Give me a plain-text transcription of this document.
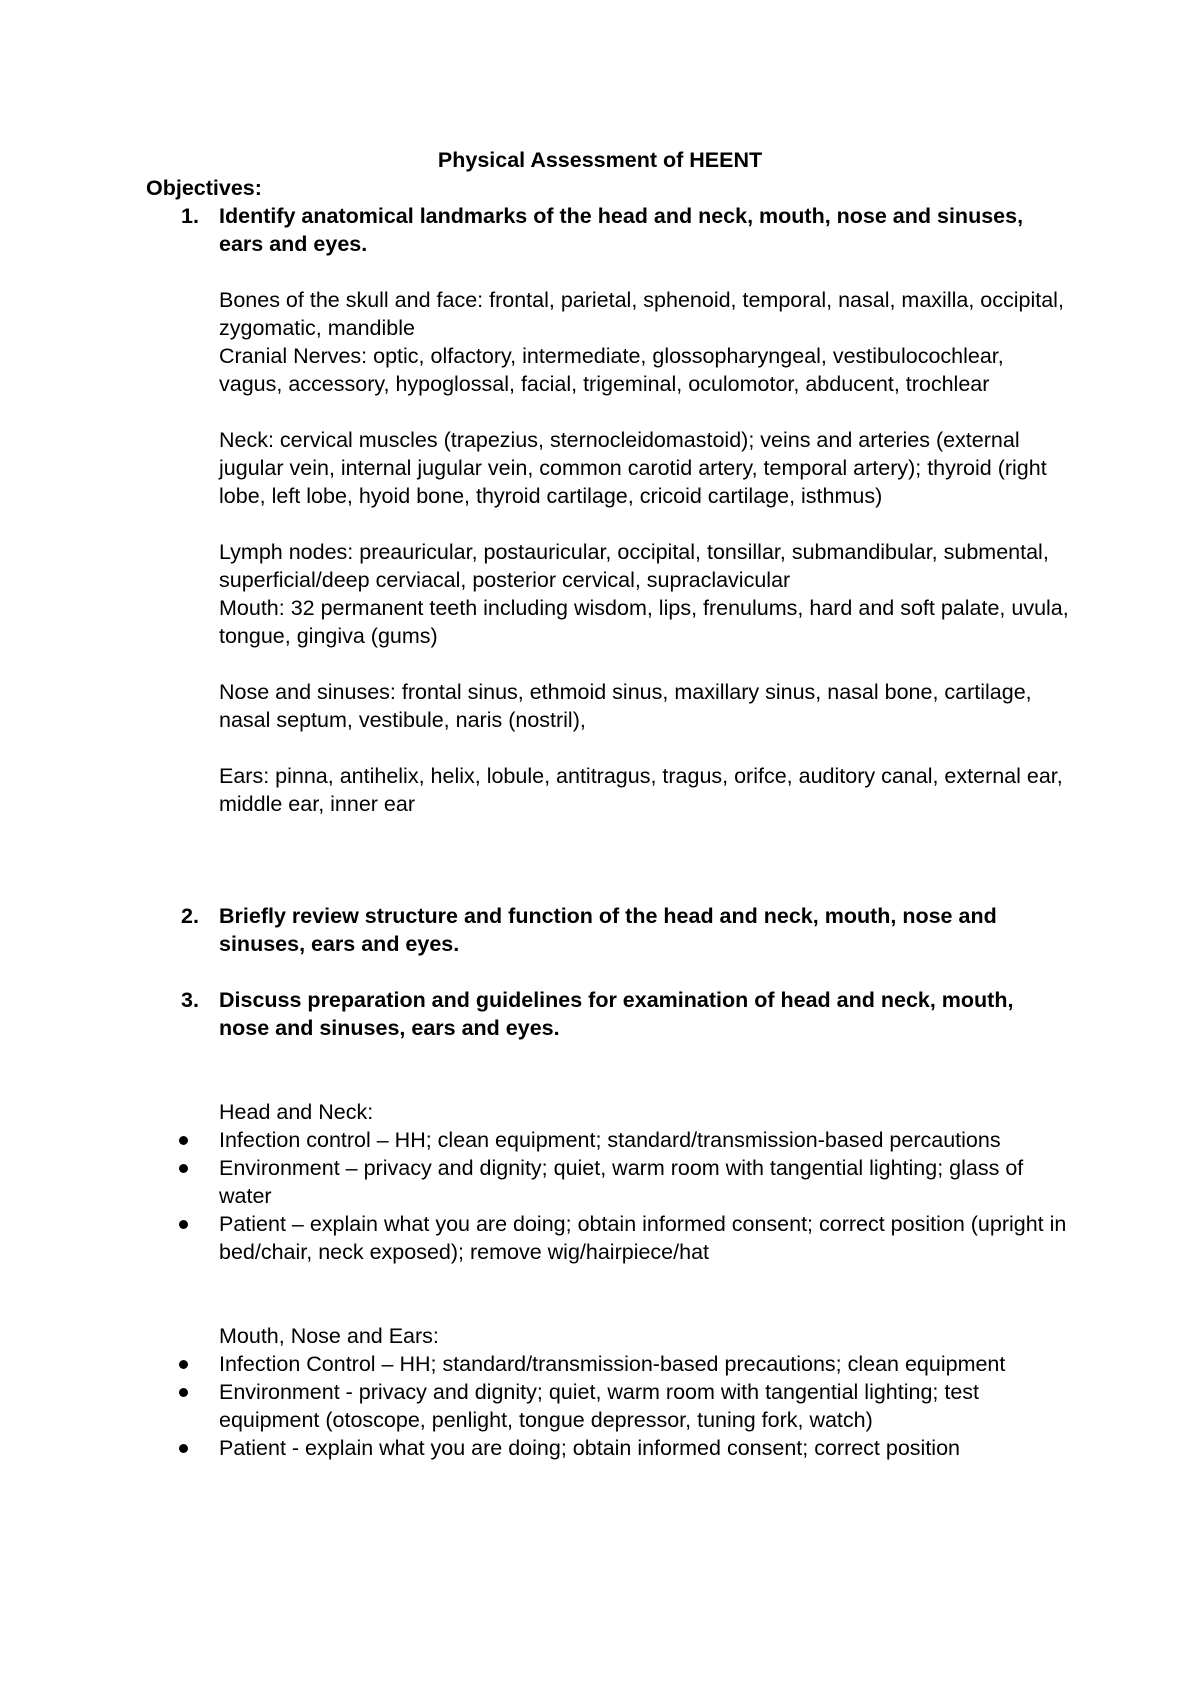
Physical Assessment of HEENT
Objectives:
1. Identify anatomical landmarks of the head and neck, mouth, nose and sinuses, ears and eyes.

Bones of the skull and face: frontal, parietal, sphenoid, temporal, nasal, maxilla, occipital, zygomatic, mandible

Cranial Nerves: optic, olfactory, intermediate, glossopharyngeal, vestibulocochlear, vagus, accessory, hypoglossal, facial, trigeminal, oculomotor, abducent, trochlear

Neck: cervical muscles (trapezius, sternocleidomastoid); veins and arteries (external jugular vein, internal jugular vein, common carotid artery, temporal artery); thyroid (right lobe, left lobe, hyoid bone, thyroid cartilage, cricoid cartilage, isthmus)

Lymph nodes: preauricular, postauricular, occipital, tonsillar, submandibular, submental, superficial/deep cerviacal, posterior cervical, supraclavicular

Mouth: 32 permanent teeth including wisdom, lips, frenulums, hard and soft palate, uvula, tongue, gingiva (gums)

Nose and sinuses: frontal sinus, ethmoid sinus, maxillary sinus, nasal bone, cartilage, nasal septum, vestibule, naris (nostril),

Ears: pinna, antihelix, helix, lobule, antitragus, tragus, orifce, auditory canal, external ear, middle ear, inner ear

2. Briefly review structure and function of the head and neck, mouth, nose and sinuses, ears and eyes.
3. Discuss preparation and guidelines for examination of head and neck, mouth, nose and sinuses, ears and eyes.

Head and Neck:

Infection control – HH; clean equipment; standard/transmission-based percautions
Environment – privacy and dignity; quiet, warm room with tangential lighting; glass of water
Patient – explain what you are doing; obtain informed consent; correct position (upright in bed/chair, neck exposed); remove wig/hairpiece/hat

Mouth, Nose and Ears:

Infection Control – HH; standard/transmission-based precautions; clean equipment
Environment - privacy and dignity; quiet, warm room with tangential lighting; test equipment (otoscope, penlight, tongue depressor, tuning fork, watch)
Patient - explain what you are doing; obtain informed consent; correct position
